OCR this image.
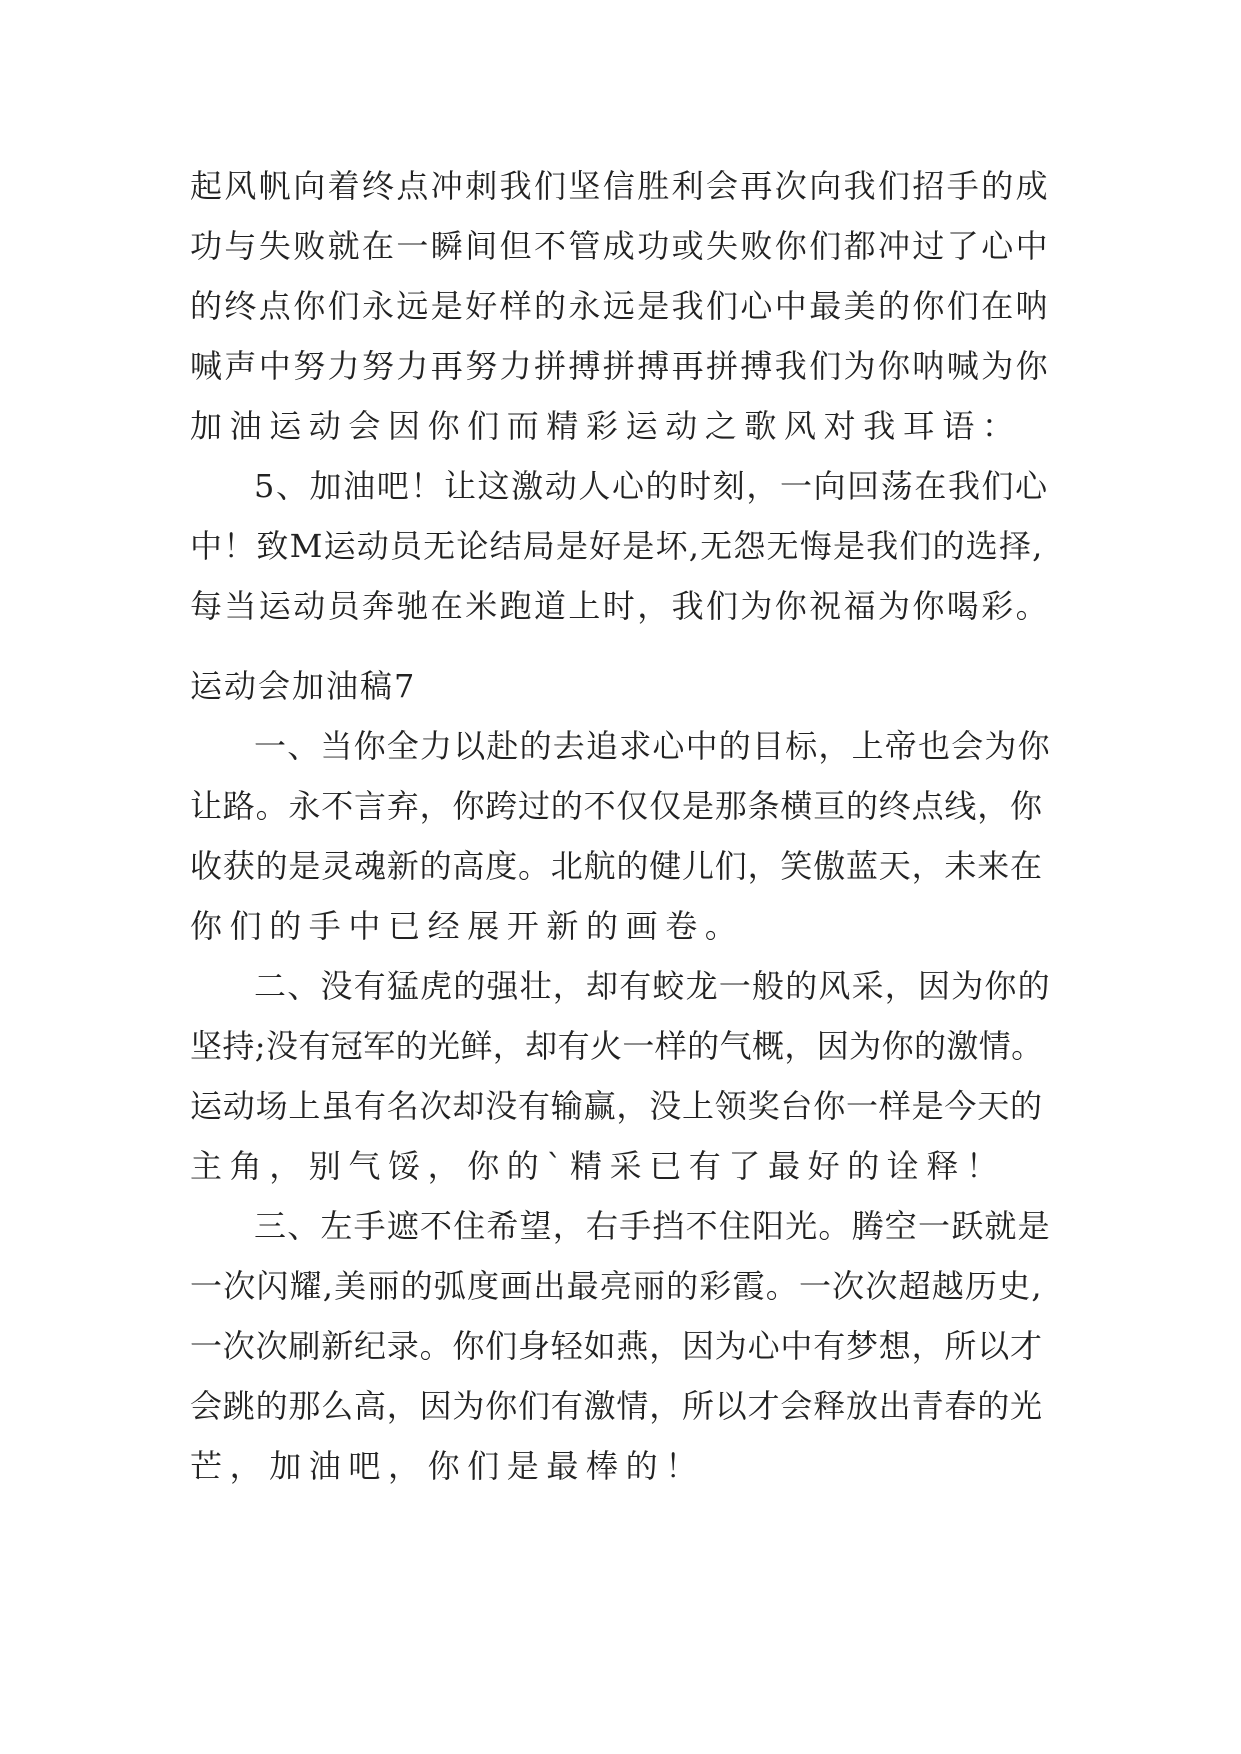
起风帆向着终点冲刺我们坚信胜利会再次向我们招手的成
功与失败就在一瞬间但不管成功或失败你们都冲过了心中
的终点你们永远是好样的永远是我们心中最美的你们在呐
喊声中努力努力再努力拼搏拼搏再拼搏我们为你呐喊为你
加油运动会因你们而精彩运动之歌风对我耳语：
5、加油吧！让这激动人心的时刻，一向回荡在我们心
中！致M运动员无论结局是好是坏,无怨无悔是我们的选择,
每当运动员奔驰在米跑道上时，我们为你祝福为你喝彩。
运动会加油稿7
一、当你全力以赴的去追求心中的目标，上帝也会为你
让路。永不言弃，你跨过的不仅仅是那条横亘的终点线，你
收获的是灵魂新的高度。北航的健儿们，笑傲蓝天，未来在
你们的手中已经展开新的画卷。
二、没有猛虎的强壮，却有蛟龙一般的风采，因为你的
坚持;没有冠军的光鲜，却有火一样的气概，因为你的激情。
运动场上虽有名次却没有输赢，没上领奖台你一样是今天的
主角，别气馁，你的`精采已有了最好的诠释！
三、左手遮不住希望，右手挡不住阳光。腾空一跃就是
一次闪耀,美丽的弧度画出最亮丽的彩霞。一次次超越历史,
一次次刷新纪录。你们身轻如燕，因为心中有梦想，所以才
会跳的那么高，因为你们有激情，所以才会释放出青春的光
芒，加油吧，你们是最棒的！
